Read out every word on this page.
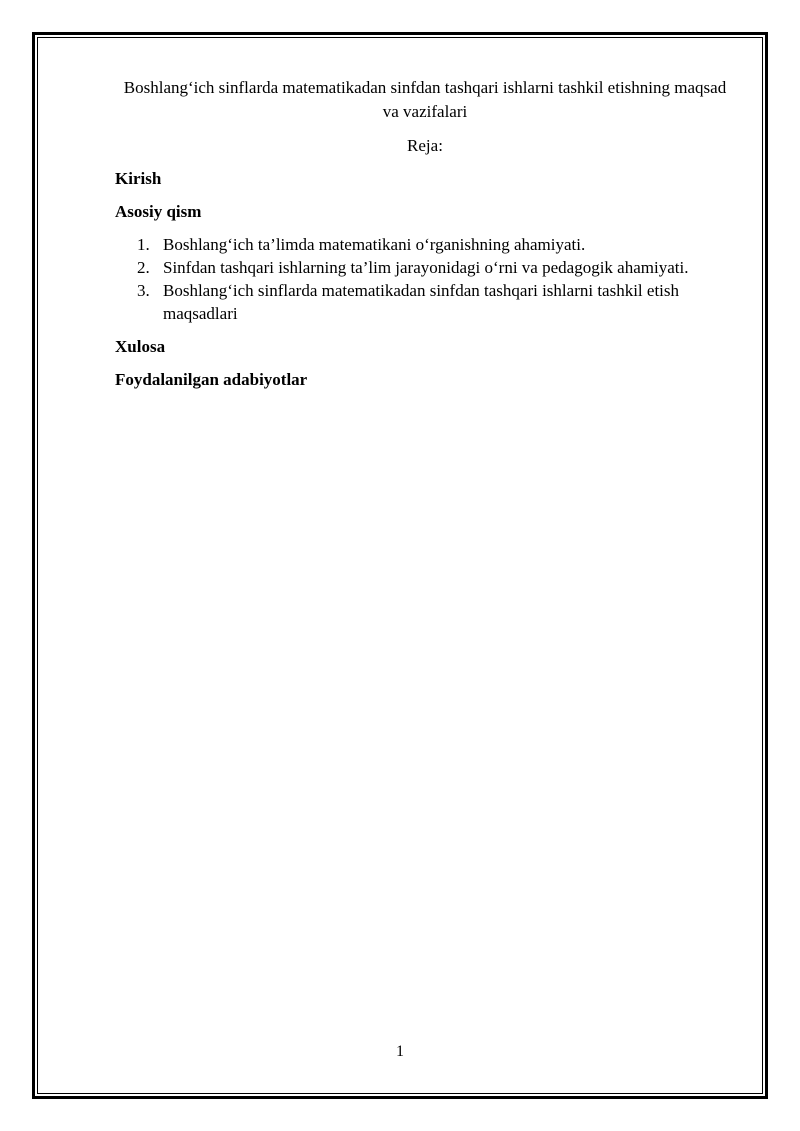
Boshlang‘ich sinflarda matematikadan sinfdan tashqari ishlarni tashkil etishning maqsad va vazifalari

Reja:

Kirish

Asosiy qism

1. Boshlang‘ich ta’limda matematikani o‘rganishning ahamiyati.
2. Sinfdan tashqari ishlarning ta’lim jarayonidagi o‘rni va pedagogik ahamiyati.
3. Boshlang‘ich sinflarda matematikadan sinfdan tashqari ishlarni tashkil etish maqsadlari

Xulosa

Foydalanilgan adabiyotlar

1
